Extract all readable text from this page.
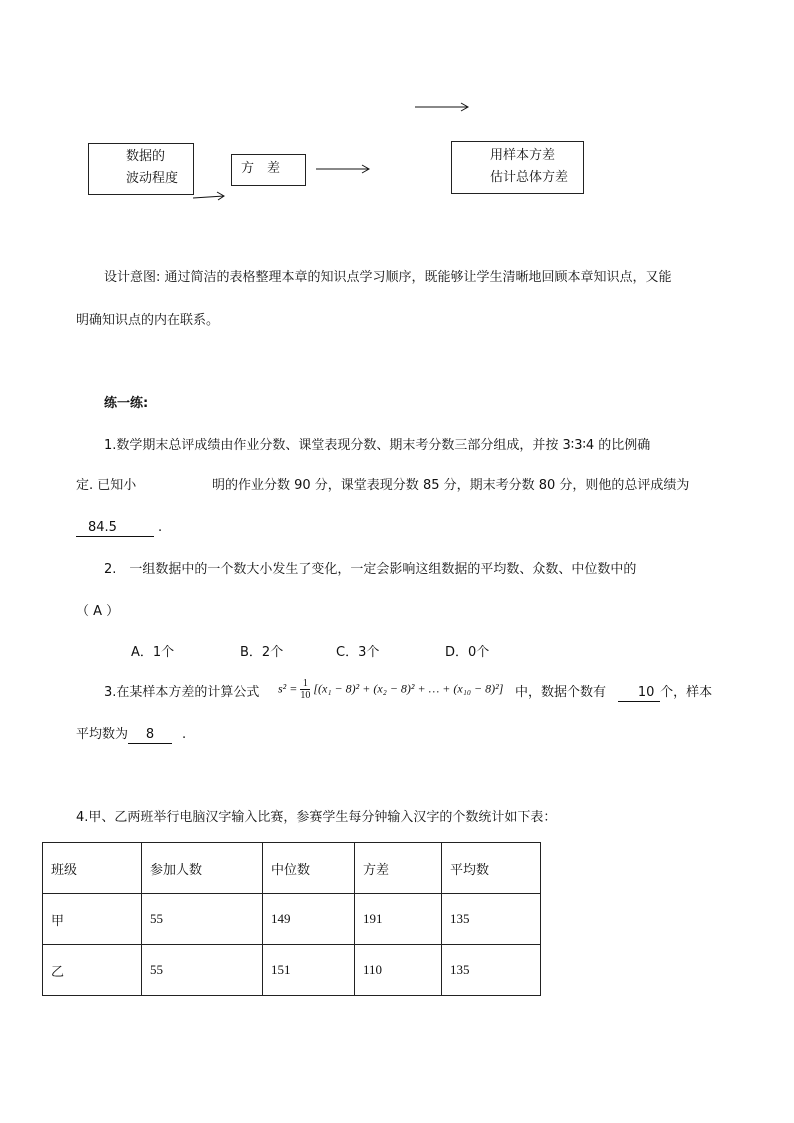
数据的
波动程度
方　差
用样本方差
估计总体方差
设计意图: 通过简洁的表格整理本章的知识点学习顺序，既能够让学生清晰地回顾本章知识点，又能
明确知识点的内在联系。
练一练:
1.数学期末总评成绩由作业分数、课堂表现分数、期末考分数三部分组成，并按 3∶3∶4 的比例确
定. 已知小	明的作业分数 90 分，课堂表现分数 85 分，期末考分数 80 分，则他的总评成绩为
84.5	.
2.　一组数据中的一个数大小发生了变化，一定会影响这组数据的平均数、众数、中位数中的
（ A ）
A．1个	B．2个	C．3个	D．0个
3.在某样本方差的计算公式 $s^2 = \frac{1}{10} [(x_1 - 8)^2 + (x_2 - 8)^2$ + … + (x₁₀ − 8)²] 中，数据个数有 10 个，样本
平均数为 8 .
4.甲、乙两班举行电脑汉字输入比赛，参赛学生每分钟输入汉字的个数统计如下表：
班级	参加人数	中位数	方差	平均数
甲	55	149	191	135
乙	55	151	110	135
